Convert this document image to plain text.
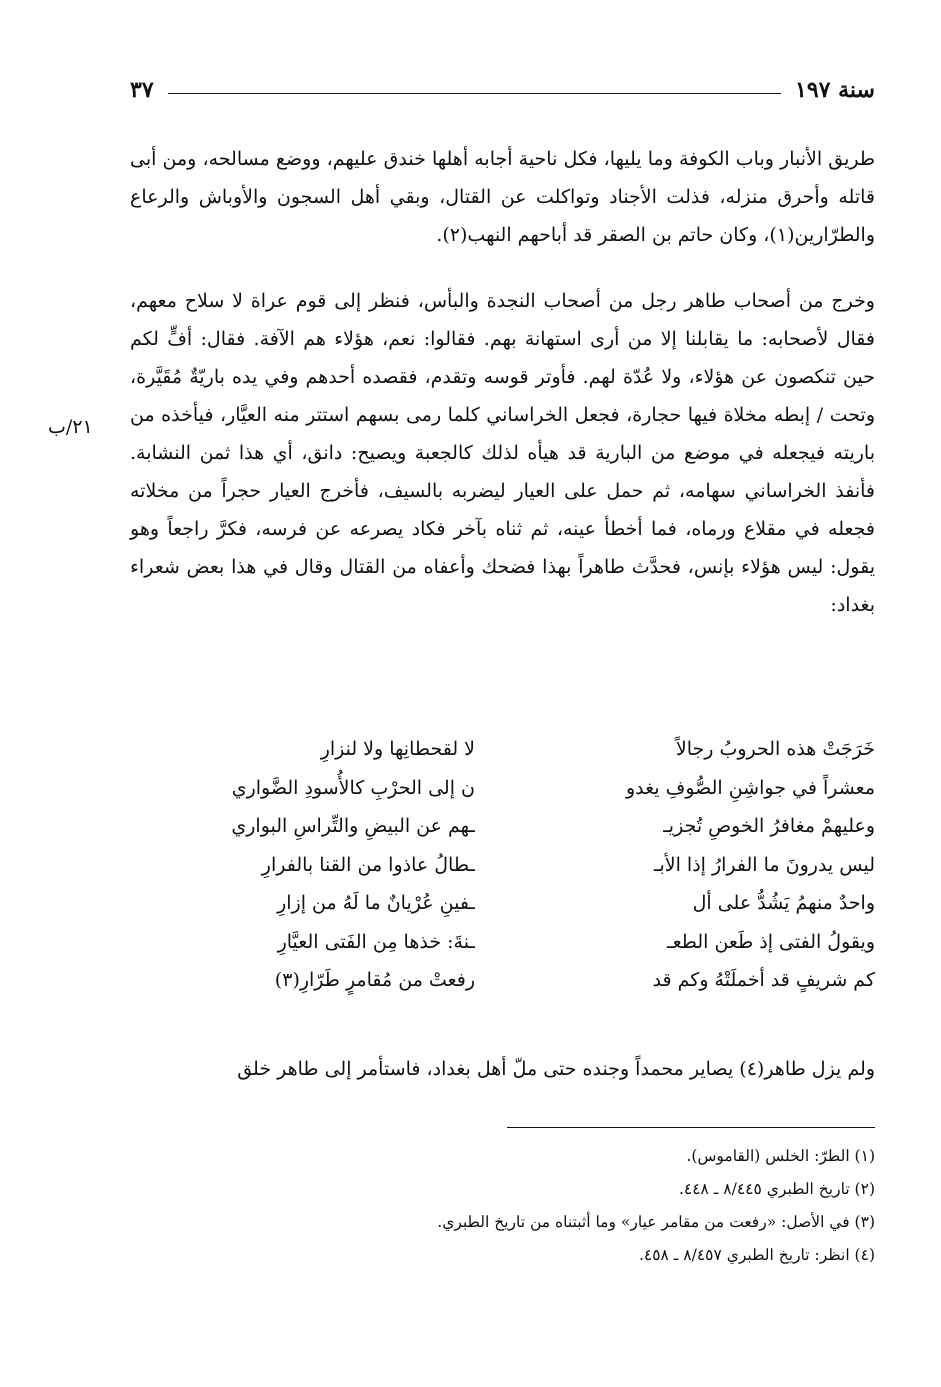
سنة ١٩٧
٣٧

طريق الأنبار وباب الكوفة وما يليها، فكل ناحية أجابه أهلها خندق عليهم، ووضع مسالحه، ومن أبى قاتله وأحرق منزله، فذلت الأجناد وتواكلت عن القتال، وبقي أهل السجون والأوباش والرعاع والطرّارين(١)، وكان حاتم بن الصقر قد أباحهم النهب(٢).

وخرج من أصحاب طاهر رجل من أصحاب النجدة والبأس، فنظر إلى قوم عراة لا سلاح معهم، فقال لأصحابه: ما يقابلنا إلا من أرى استهانة بهم. فقالوا: نعم، هؤلاء هم الآفة. فقال: أفٍّ لكم حين تنكصون عن هؤلاء، ولا عُدّة لهم. فأوتر قوسه وتقدم، فقصده أحدهم وفي يده باريّةٌ مُقَيَّرة، وتحت / إبطه مخلاة فيها حجارة، فجعل الخراساني كلما رمى بسهم استتر منه العيَّار، فيأخذه من باريته فيجعله في موضع من البارية قد هيأه لذلك كالجعبة ويصيح: دانق، أي هذا ثمن النشابة. فأنفذ الخراساني سهامه، ثم حمل على العيار ليضربه بالسيف، فأخرج العيار حجراً من مخلاته فجعله في مقلاع ورماه، فما أخطأ عينه، ثم ثناه بآخر فكاد يصرعه عن فرسه، فكرَّ راجعاً وهو يقول: ليس هؤلاء بإنس، فحدَّث طاهراً بهذا فضحك وأعفاه من القتال وقال في هذا بعض شعراء بغداد:

٢١/ب
خَرَجَتْ هذه الحروبُ رجالاً
لا لقحطانِها ولا لنزارِ
معشراً في جواشِنِ الصُّوفِ يغدو
ن إلى الحرْبِ كالأُسودِ الضَّواري
وعليهمْ مغافرُ الخوصِ تُجزيـ
ـهم عن البيضِ والتِّراسِ البواري
ليس يدرونَ ما الفرارُ إذا الأبـ
ـطالُ عاذوا من القنا بالفرارِ
واحدٌ منهمُ يَشُدُّ على أل
ـفينِ عُرْيانٌ ما لَهُ من إزارِ
ويقولُ الفتى إذ طَعن الطعـ
ـنةَ: خذها مِن الفَتى العيَّارِ
كم شريفٍ قد أخملَتْهُ وكم قد
رفعتْ من مُقامرٍ طَرّارِ(٣)

ولم يزل طاهر(٤) يصاير محمداً وجنده حتى ملّ أهل بغداد، فاستأمر إلى طاهر خلق

(١) الطرّ: الخلس (القاموس).
(٢) تاريخ الطبري ٨/٤٤٥ ـ ٤٤٨.
(٣) في الأصل: «رفعت من مقامر عيار» وما أثبتناه من تاريخ الطبري.
(٤) انظر: تاريخ الطبري ٨/٤٥٧ ـ ٤٥٨.
